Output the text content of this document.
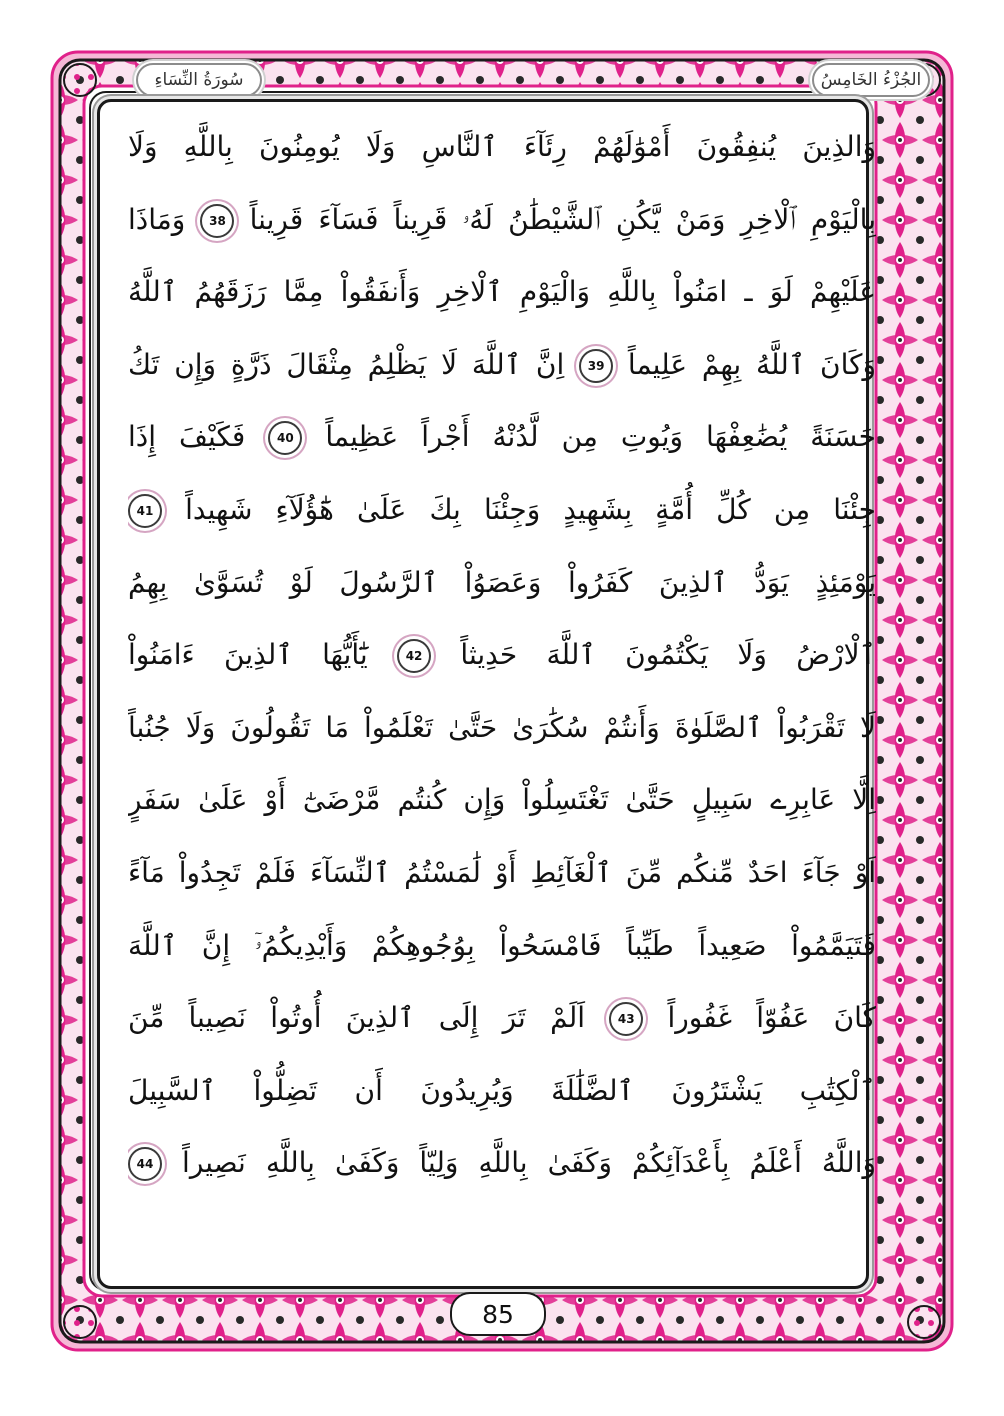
الجُزْءُ الخَامِسُ
سُورَةُ النِّسَاءِ
وَالذِينَ يُنفِقُونَ أَمْوَٰلَهُمْ رِئَآءَ ٱلنَّاسِ وَلَا يُومِنُونَ بِاللَّهِ وَلَا
بِالْيَوْمِ ٱلْاخِرِ وَمَنْ يَّكُنِ ٱلشَّيْطَٰنُ لَهُۥ قَرِيناً فَسَآءَ قَرِيناً 38 وَمَاذَا
عَلَيْهِمْ لَوَ ـ امَنُواْ بِاللَّهِ وَالْيَوْمِ ٱلْاخِرِ وَأَنفَقُواْ مِمَّا رَزَقَهُمُ ٱللَّهُ
وَكَانَ ٱللَّهُ بِهِمْ عَلِيماً 39 اِنَّ ٱللَّهَ لَا يَظْلِمُ مِثْقَالَ ذَرَّةٍ وَإِن تَكُ
حَسَنَةً يُضَٰعِفْهَا وَيُوتِ مِن لَّدُنْهُ أَجْراً عَظِيماً 40 فَكَيْفَ إِذَا
جِئْنَا مِن كُلِّ أُمَّةٍ بِشَهِيدٍ وَجِئْنَا بِكَ عَلَىٰ هَٰٓؤُلَآءِ شَهِيداً 41
يَوْمَئِذٍ يَوَدُّ ٱلذِينَ كَفَرُواْ وَعَصَوُاْ ٱلرَّسُولَ لَوْ تُسَوَّىٰ بِهِمُ
ٱلْارْضُ وَلَا يَكْتُمُونَ ٱللَّهَ حَدِيثاً 42 يَٰٓأَيُّهَا ٱلذِينَ ءَامَنُواْ
لَا تَقْرَبُواْ ٱلصَّلَوٰةَ وَأَنتُمْ سُكَٰرَىٰ حَتَّىٰ تَعْلَمُواْ مَا تَقُولُونَ وَلَا جُنُباً
اِلَّا عَابِرِے سَبِيلٍ حَتَّىٰ تَغْتَسِلُواْ وَإِن كُنتُم مَّرْضَىٰٓ أَوْ عَلَىٰ سَفَرٍ
اَوْ جَآءَ احَدٌ مِّنكُم مِّنَ ٱلْغَآئِطِ أَوْ لَٰمَسْتُمُ ٱلنِّسَآءَ فَلَمْ تَجِدُواْ مَآءً
فَتَيَمَّمُواْ صَعِيداً طَيِّباً فَامْسَحُواْ بِوُجُوهِكُمْ وَأَيْدِيكُمُۥٓ إِنَّ ٱللَّهَ
كَانَ عَفُوّاً غَفُوراً 43 اَلَمْ تَرَ إِلَى ٱلذِينَ أُوتُواْ نَصِيباً مِّنَ
ٱلْكِتَٰبِ يَشْتَرُونَ ٱلضَّلَٰلَةَ وَيُرِيدُونَ أَن تَضِلُّواْ ٱلسَّبِيلَ
وَاللَّهُ أَعْلَمُ بِأَعْدَآئِكُمْ وَكَفَىٰ بِاللَّهِ وَلِيّاً وَكَفَىٰ بِاللَّهِ نَصِيراً 44
85
